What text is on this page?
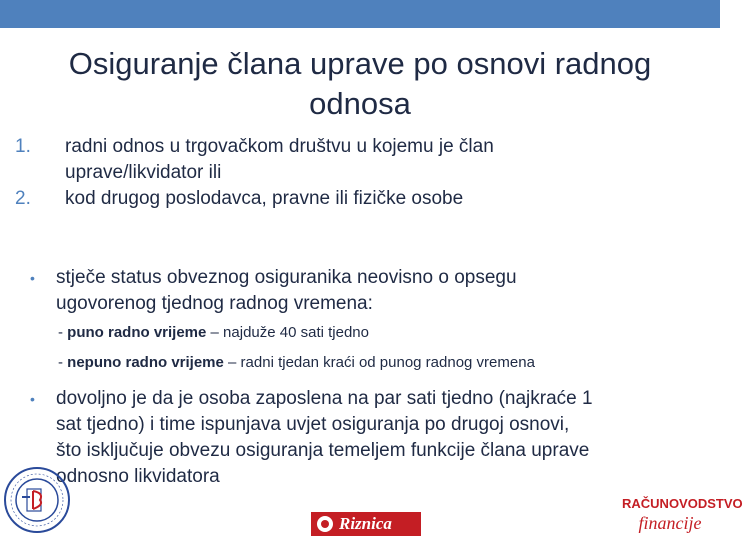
Osiguranje člana uprave po osnovi radnog odnosa
1.	radni odnos u trgovačkom društvu u kojemu je član
uprave/likvidator ili
2.	kod drugog poslodavca, pravne ili fizičke osobe
•	stječe status obveznog osiguranika neovisno o opsegu
ugovorenog tjednog radnog vremena:
- puno radno vrijeme – najduže 40 sati tjedno
- nepuno radno vrijeme – radni tjedan kraći od punog radnog vremena
•	dovoljno je da je osoba zaposlena na par sati tjedno (najkraće 1
sat tjedno) i time ispunjava uvjet osiguranja po drugoj osnovi,
što isključuje obvezu osiguranja temeljem funkcije člana uprave
odnosno likvidatora
Riznica
RAČUNOVODSTVO
financije
